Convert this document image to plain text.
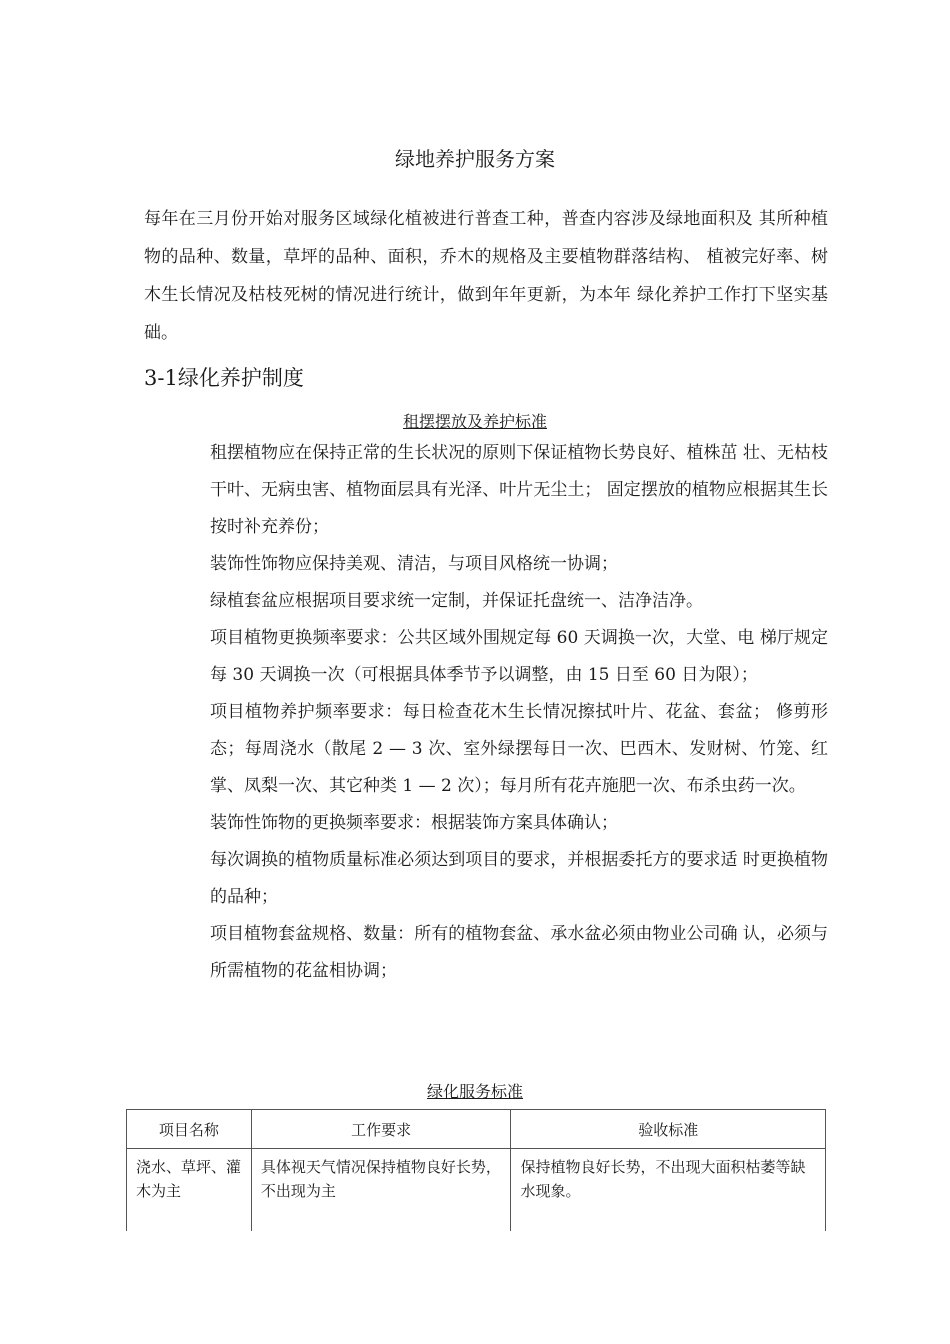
绿地养护服务方案

每年在三月份开始对服务区域绿化植被进行普查工种，普查内容涉及绿地面积及 其所种植物的品种、数量，草坪的品种、面积，乔木的规格及主要植物群落结构、 植被完好率、树木生长情况及枯枝死树的情况进行统计，做到年年更新，为本年 绿化养护工作打下坚实基础。

3-1绿化养护制度
租摆摆放及养护标准

租摆植物应在保持正常的生长状况的原则下保证植物长势良好、植株茁 壮、无枯枝干叶、无病虫害、植物面层具有光泽、叶片无尘土； 固定摆放的植物应根据其生长按时补充养份；

装饰性饰物应保持美观、清洁，与项目风格统一协调；

绿植套盆应根据项目要求统一定制，并保证托盘统一、洁净洁净。

项目植物更换频率要求：公共区域外围规定每 60 天调换一次，大堂、电 梯厅规定每 30 天调换一次（可根据具体季节予以调整，由 15 日至 60 日为限）；

项目植物养护频率要求：每日检查花木生长情况擦拭叶片、花盆、套盆； 修剪形态；每周浇水（散尾 2 — 3 次、室外绿摆每日一次、巴西木、发财树、竹笼、红掌、凤梨一次、其它种类 1 — 2 次）；每月所有花卉施肥一次、布杀虫药一次。

装饰性饰物的更换频率要求：根据装饰方案具体确认；

每次调换的植物质量标准必须达到项目的要求，并根据委托方的要求适 时更换植物的品种；

项目植物套盆规格、数量：所有的植物套盆、承水盆必须由物业公司确 认，必须与所需植物的花盆相协调；

绿化服务标准
项目名称	工作要求	验收标准
浇水、草坪、灌木为主	具体视天气情况保持植物良好长势，不出现为主	保持植物良好长势，不出现大面积枯萎等缺水现象。
